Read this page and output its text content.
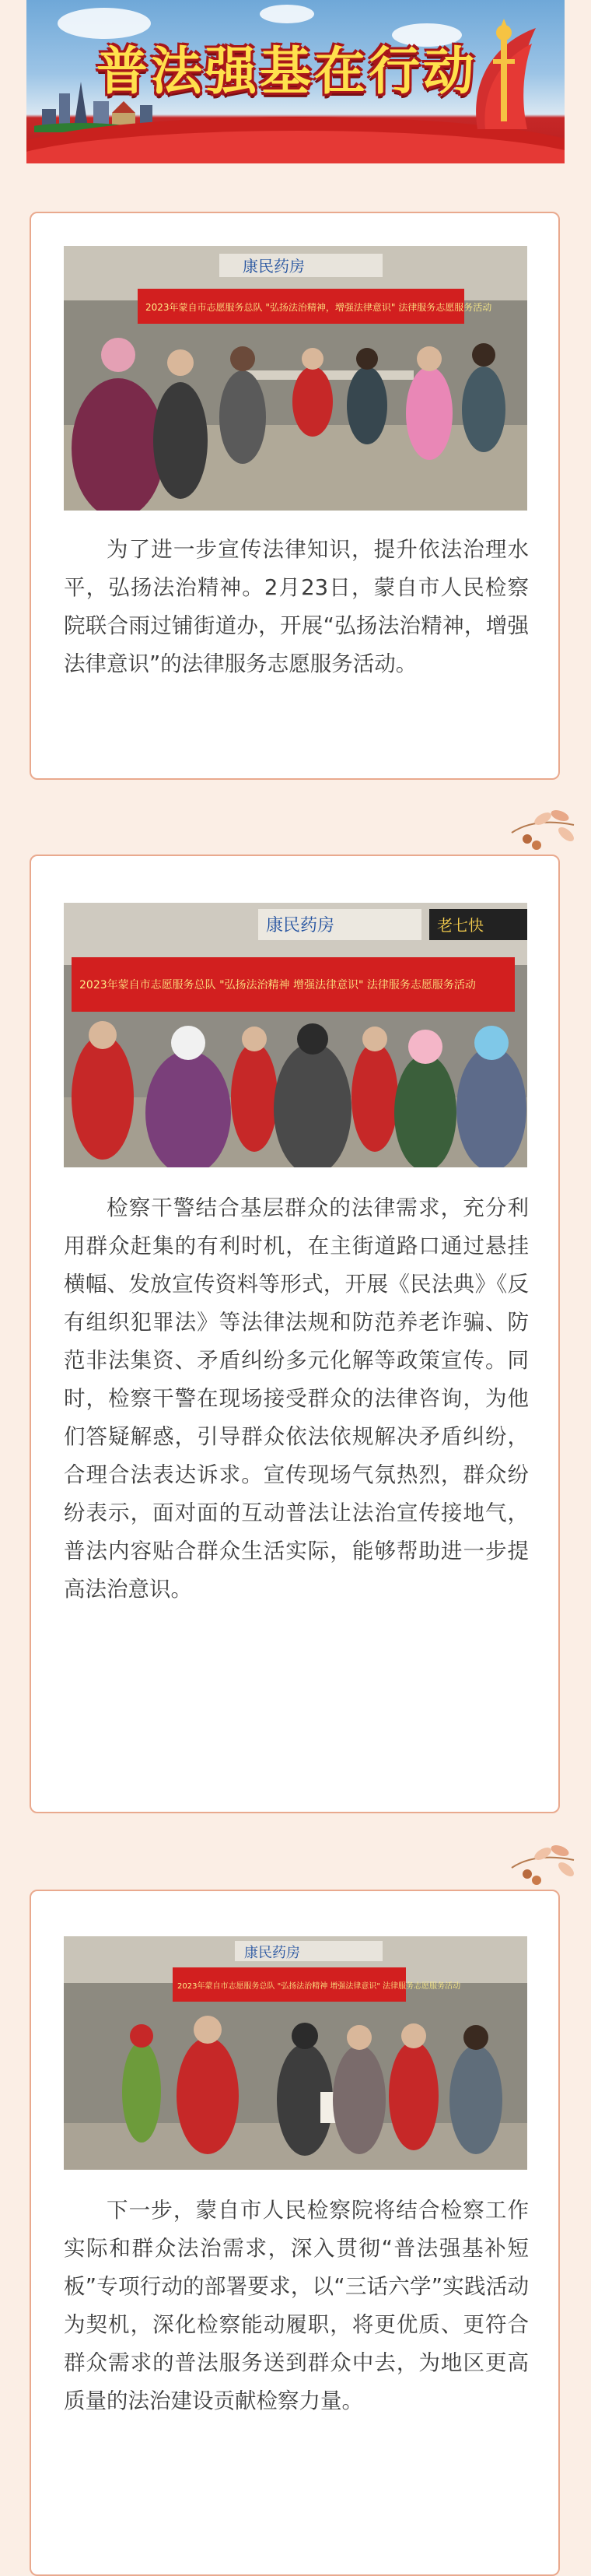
普法强基在行动
康民药房
2023年蒙自市志愿服务总队 "弘扬法治精神，增强法律意识" 法律服务志愿服务活动

为了进一步宣传法律知识，提升依法治理水平，弘扬法治精神。2月23日，蒙自市人民检察院联合雨过铺街道办，开展“弘扬法治精神，增强法律意识”的法律服务志愿服务活动。

康民药房	老七快
2023年蒙自市志愿服务总队 "弘扬法治精神 增强法律意识" 法律服务志愿服务活动

检察干警结合基层群众的法律需求，充分利用群众赶集的有利时机，在主街道路口通过悬挂横幅、发放宣传资料等形式，开展《民法典》《反有组织犯罪法》等法律法规和防范养老诈骗、防范非法集资、矛盾纠纷多元化解等政策宣传。同时，检察干警在现场接受群众的法律咨询，为他们答疑解惑，引导群众依法依规解决矛盾纠纷，合理合法表达诉求。宣传现场气氛热烈，群众纷纷表示，面对面的互动普法让法治宣传接地气，普法内容贴合群众生活实际，能够帮助进一步提高法治意识。

康民药房
2023年蒙自市志愿服务总队 "弘扬法治精神 增强法律意识" 法律服务志愿服务活动

下一步，蒙自市人民检察院将结合检察工作实际和群众法治需求，深入贯彻“普法强基补短板”专项行动的部署要求，以“三话六学”实践活动为契机，深化检察能动履职，将更优质、更符合群众需求的普法服务送到群众中去，为地区更高质量的法治建设贡献检察力量。
